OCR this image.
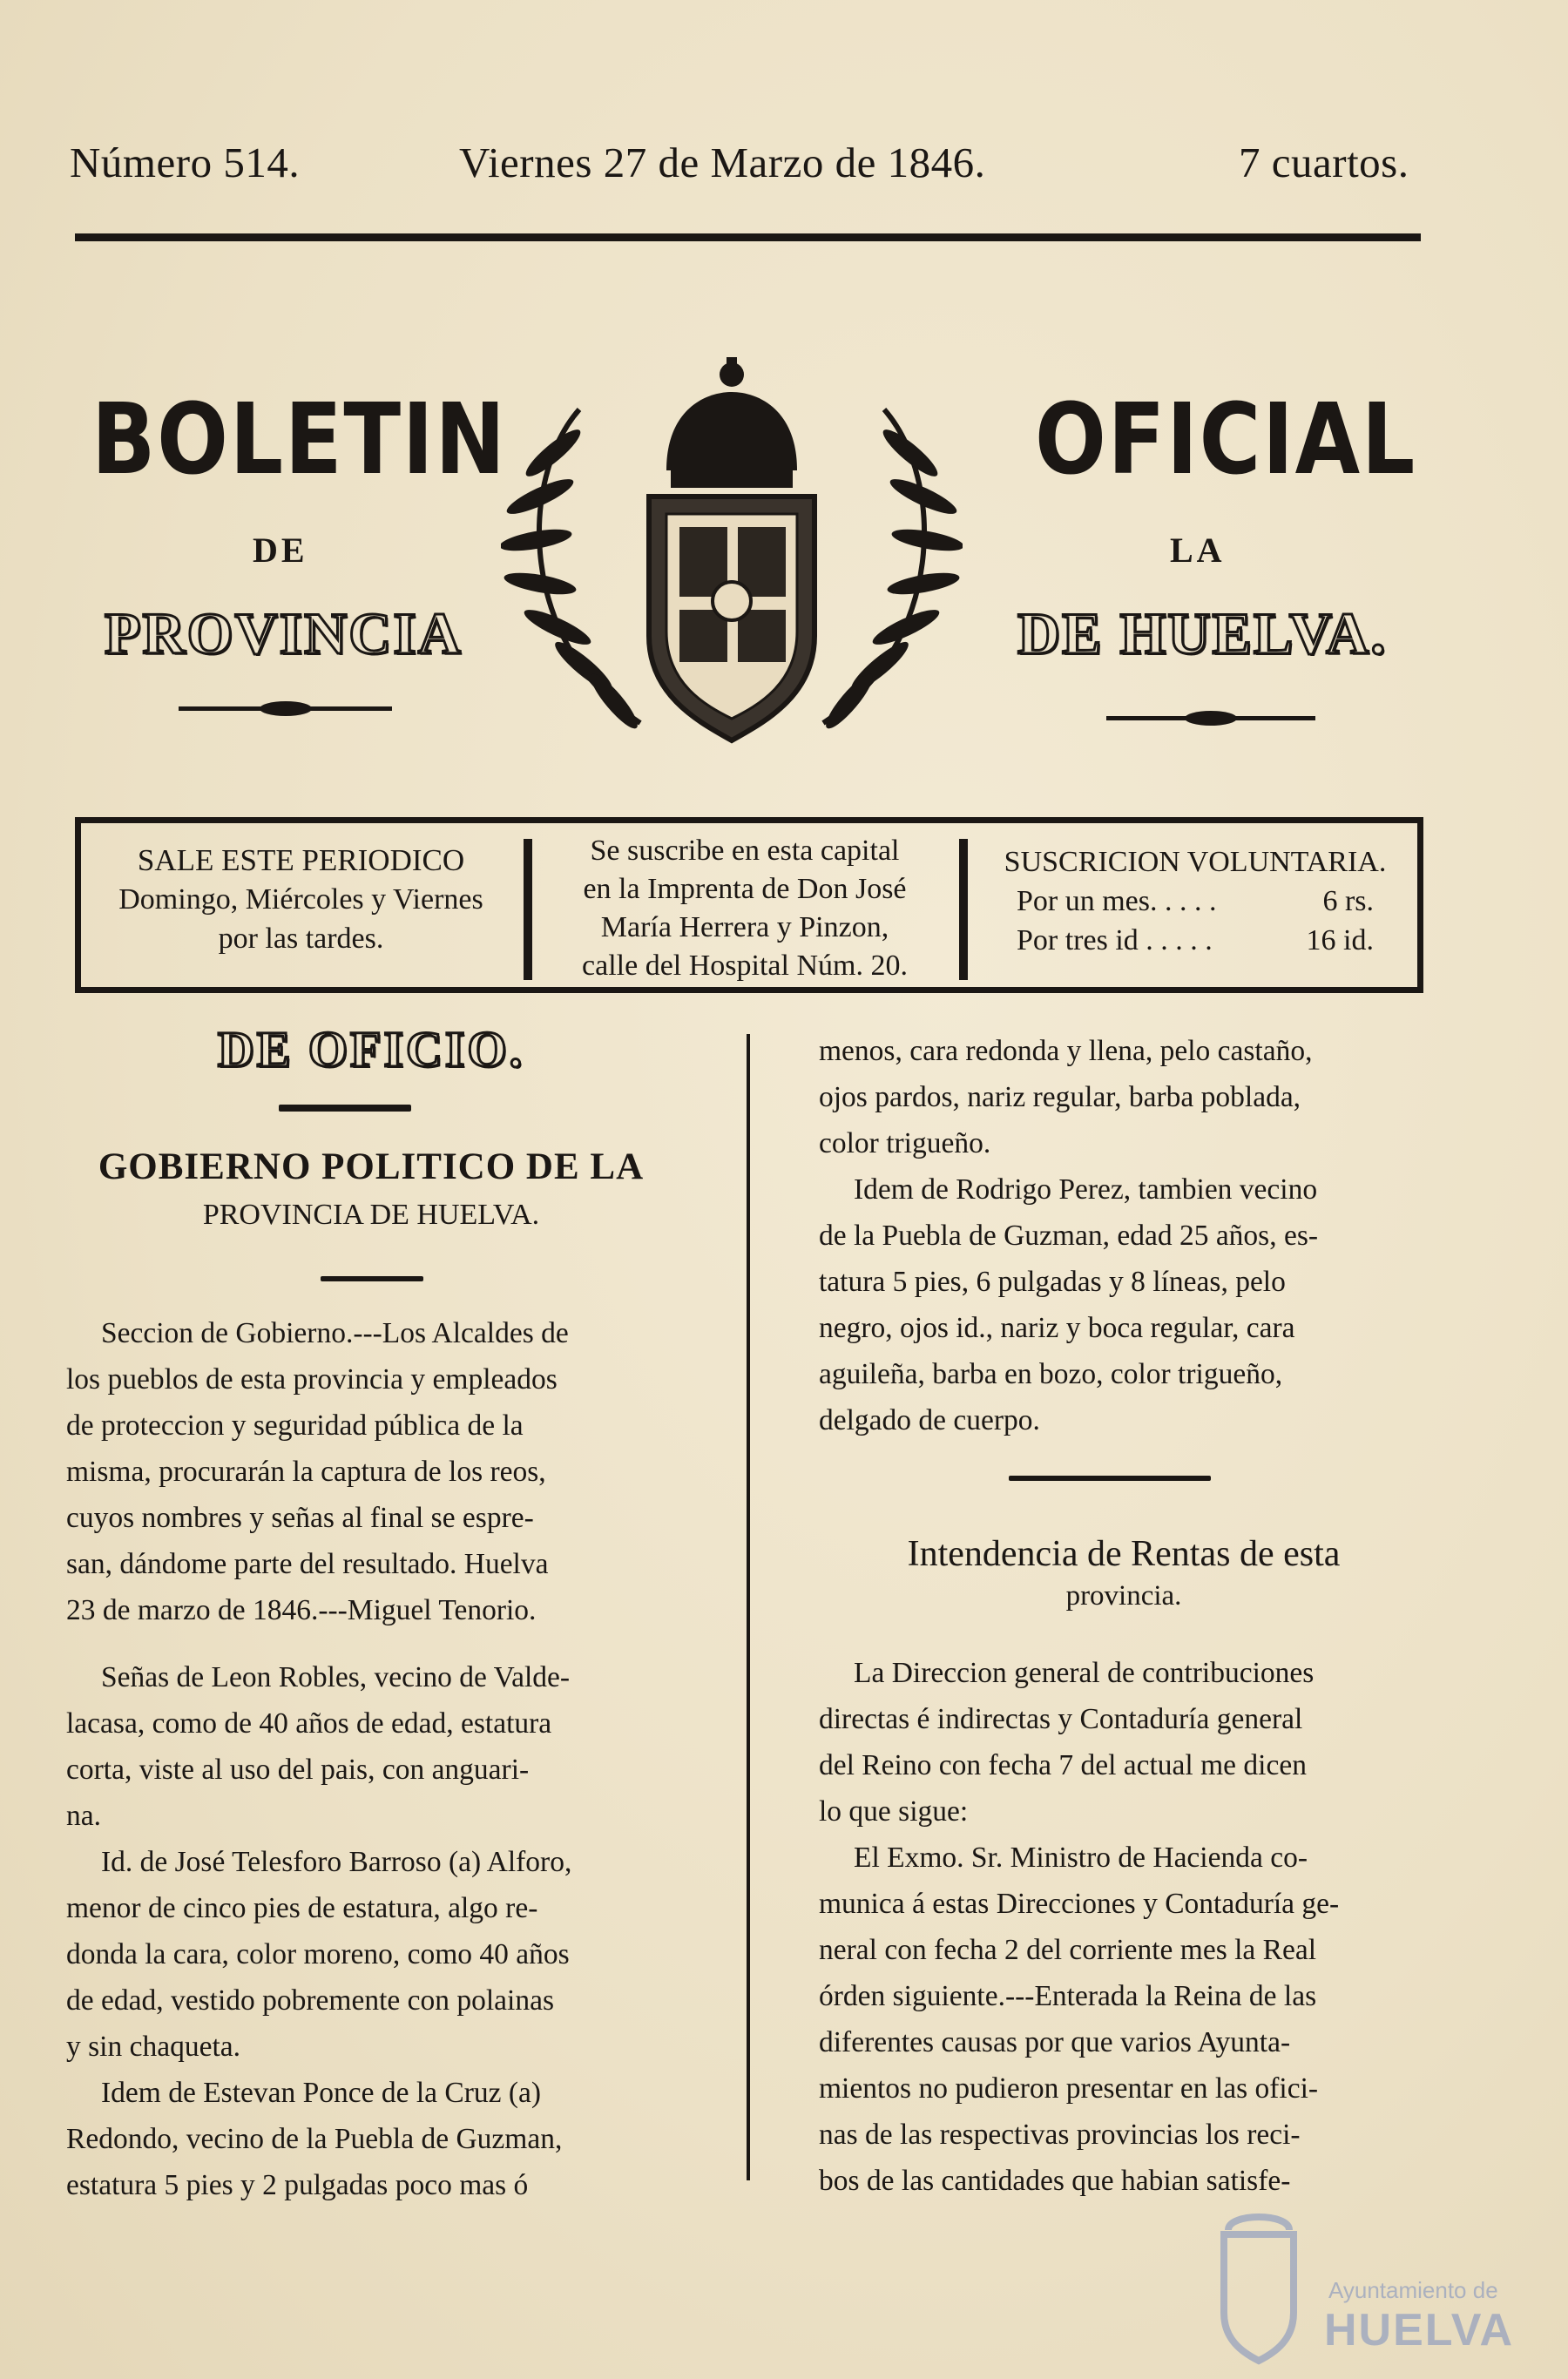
Número 514.	Viernes 27 de Marzo de 1846.	7 cuartos.
BOLETIN
DE
PROVINCIA
OFICIAL
LA
DE HUELVA.
SALE ESTE PERIODICO
Domingo, Miércoles y Viernes
por las tardes.
Se suscribe en esta capital
en la Imprenta de Don José
María Herrera y Pinzon,
calle del Hospital Núm. 20.
SUSCRICION VOLUNTARIA.
Por un mes. . . . .	6 rs.
Por tres id . . . . .	16 id.
DE OFICIO.
GOBIERNO POLITICO DE LA
PROVINCIA DE HUELVA.

Seccion de Gobierno.---Los Alcaldes de

los pueblos de esta provincia y empleados

de proteccion y seguridad pública de la

misma, procurarán la captura de los reos,

cuyos nombres y señas al final se espre-

san, dándome parte del resultado. Huelva

23 de marzo de 1846.---Miguel Tenorio.

Señas de Leon Robles, vecino de Valde-

lacasa, como de 40 años de edad, estatura

corta, viste al uso del pais, con anguari-

na.

Id. de José Telesforo Barroso (a) Alforo,

menor de cinco pies de estatura, algo re-

donda la cara, color moreno, como 40 años

de edad, vestido pobremente con polainas

y sin chaqueta.

Idem de Estevan Ponce de la Cruz (a)

Redondo, vecino de la Puebla de Guzman,

estatura 5 pies y 2 pulgadas poco mas ó

menos, cara redonda y llena, pelo castaño,

ojos pardos, nariz regular, barba poblada,

color trigueño.

Idem de Rodrigo Perez, tambien vecino

de la Puebla de Guzman, edad 25 años, es-

tatura 5 pies, 6 pulgadas y 8 líneas, pelo

negro, ojos id., nariz y boca regular, cara

aguileña, barba en bozo, color trigueño,

delgado de cuerpo.

Intendencia de Rentas de esta
provincia.

La Direccion general de contribuciones

directas é indirectas y Contaduría general

del Reino con fecha 7 del actual me dicen

lo que sigue:

El Exmo. Sr. Ministro de Hacienda co-

munica á estas Direcciones y Contaduría ge-

neral con fecha 2 del corriente mes la Real

órden siguiente.---Enterada la Reina de las

diferentes causas por que varios Ayunta-

mientos no pudieron presentar en las ofici-

nas de las respectivas provincias los reci-

bos de las cantidades que habian satisfe-

Ayuntamiento de
HUELVA
